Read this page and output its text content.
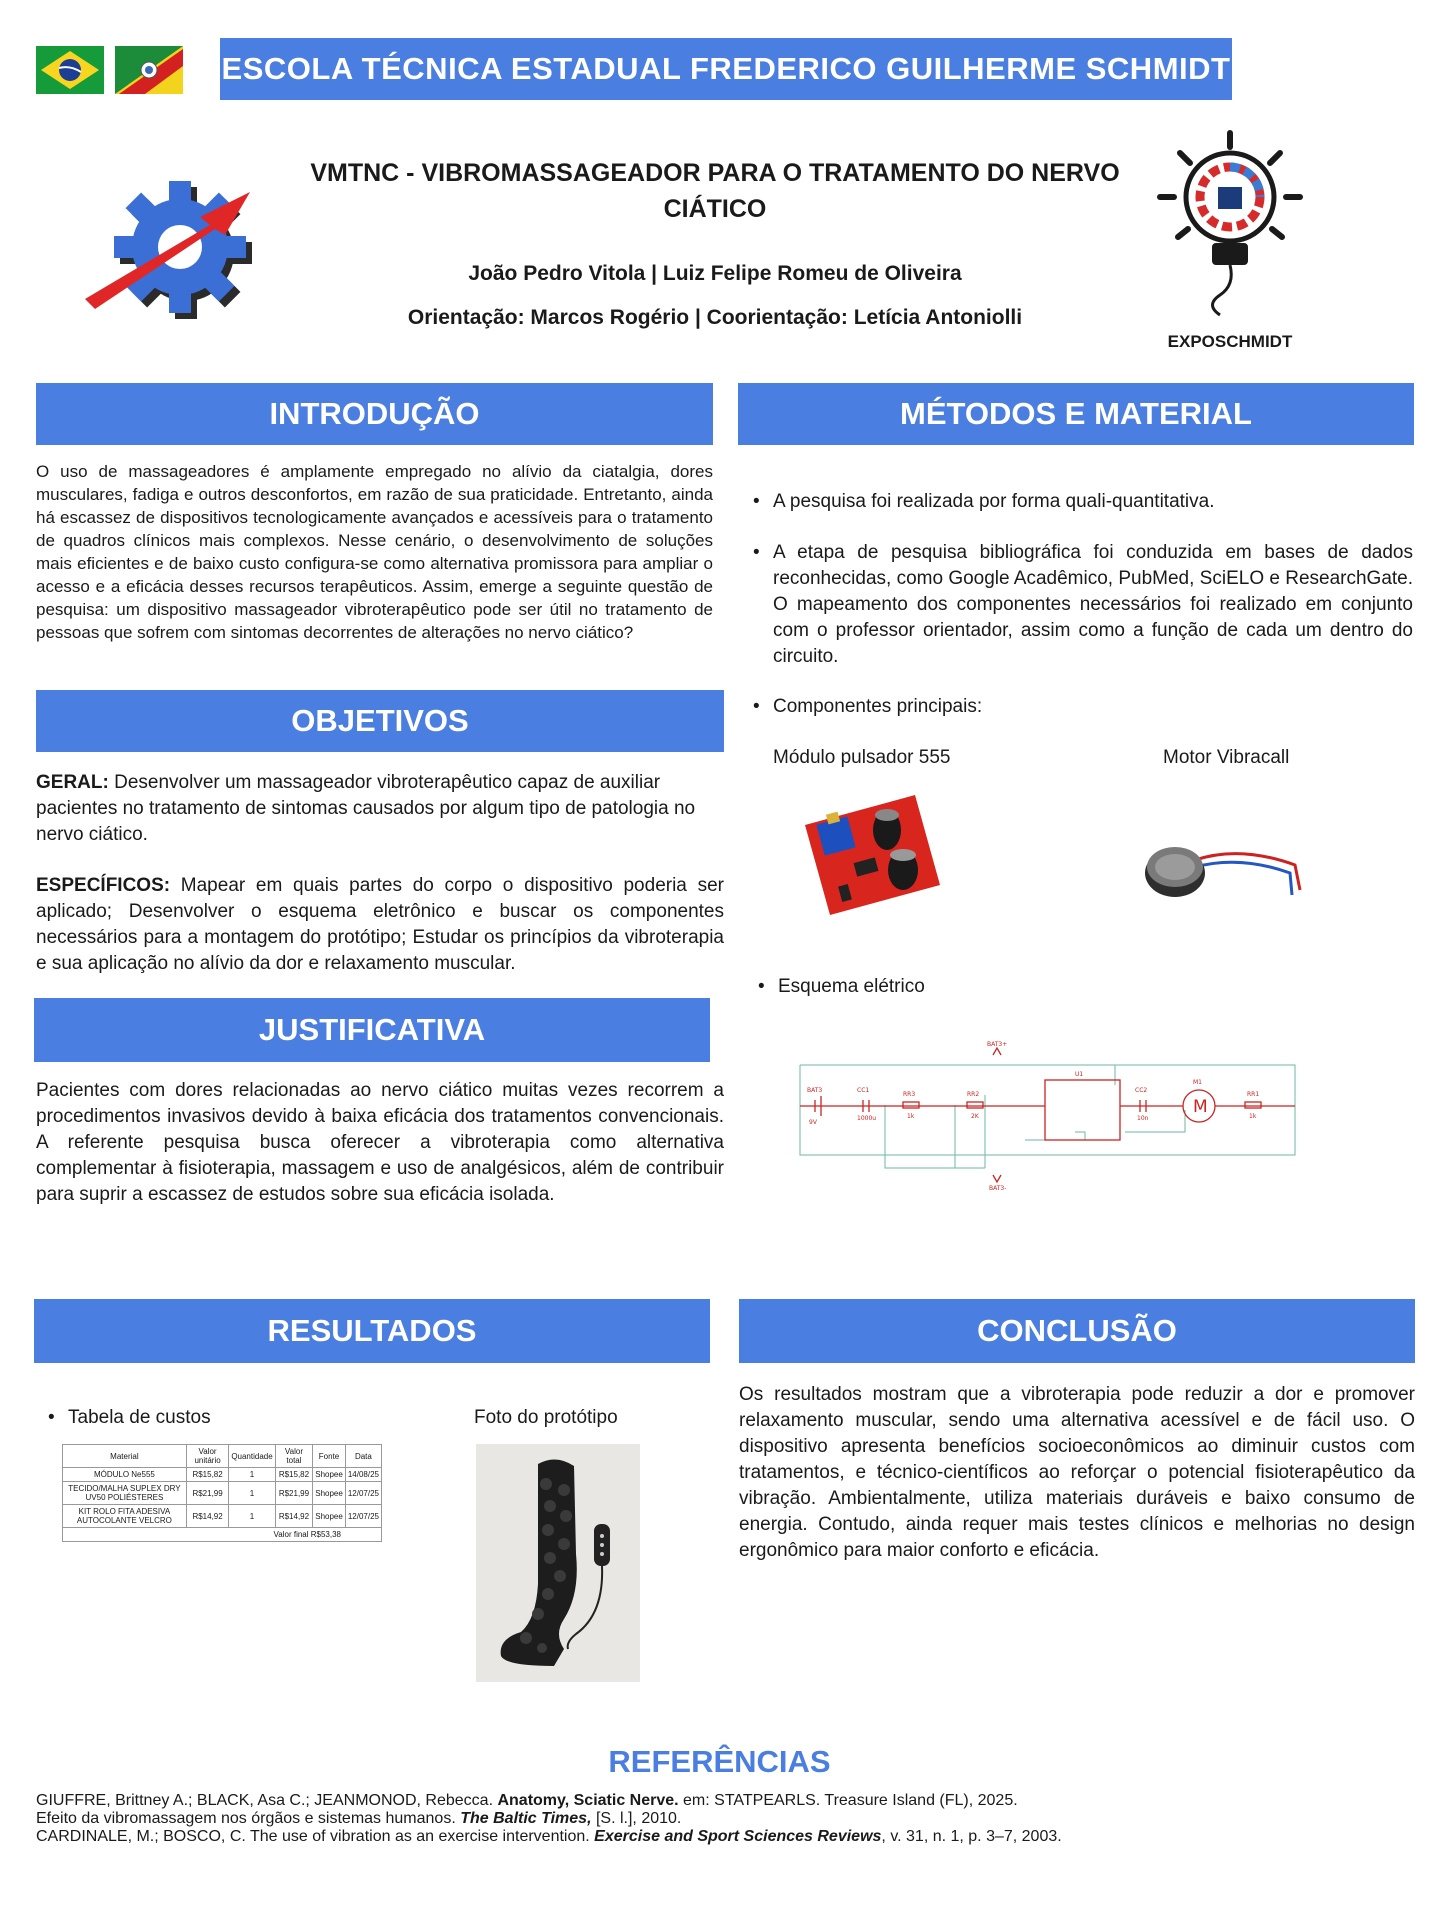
ESCOLA TÉCNICA ESTADUAL FREDERICO GUILHERME SCHMIDT
VMTNC - VIBROMASSAGEADOR PARA O TRATAMENTO DO NERVO CIÁTICO
João Pedro Vitola | Luiz Felipe Romeu de Oliveira
Orientação: Marcos Rogério | Coorientação: Letícia Antoniolli
EXPOSCHMIDT
INTRODUÇÃO
O uso de massageadores é amplamente empregado no alívio da ciatalgia, dores musculares, fadiga e outros desconfortos, em razão de sua praticidade. Entretanto, ainda há escassez de dispositivos tecnologicamente avançados e acessíveis para o tratamento de quadros clínicos mais complexos. Nesse cenário, o desenvolvimento de soluções mais eficientes e de baixo custo configura-se como alternativa promissora para ampliar o acesso e a eficácia desses recursos terapêuticos. Assim, emerge a seguinte questão de pesquisa: um dispositivo massageador vibroterapêutico pode ser útil no tratamento de pessoas que sofrem com sintomas decorrentes de alterações no nervo ciático?
OBJETIVOS
GERAL: Desenvolver um massageador vibroterapêutico capaz de auxiliar pacientes no tratamento de sintomas causados por algum tipo de patologia no nervo ciático.
ESPECÍFICOS: Mapear em quais partes do corpo o dispositivo poderia ser aplicado; Desenvolver o esquema eletrônico e buscar os componentes necessários para a montagem do protótipo; Estudar os princípios da vibroterapia e sua aplicação no alívio da dor e relaxamento muscular.
JUSTIFICATIVA
Pacientes com dores relacionadas ao nervo ciático muitas vezes recorrem a procedimentos invasivos devido à baixa eficácia dos tratamentos convencionais. A referente pesquisa busca oferecer a vibroterapia como alternativa complementar à fisioterapia, massagem e uso de analgésicos, além de contribuir para suprir a escassez de estudos sobre sua eficácia isolada.
MÉTODOS E MATERIAL
• A pesquisa foi realizada por forma quali-quantitativa.
• A etapa de pesquisa bibliográfica foi conduzida em bases de dados reconhecidas, como Google Acadêmico, PubMed, SciELO e ResearchGate. O mapeamento dos componentes necessários foi realizado em conjunto com o professor orientador, assim como a função de cada um dentro do circuito.
• Componentes principais:
Módulo pulsador 555	Motor Vibracall
• Esquema elétrico
BAT3+
BAT3-
BAT3
9V
CC1
1000u
RR3
1k
RR2
2K
U1
CC2
10n
M1
RR1
1k
M
RESULTADOS
• Tabela de custos	Foto do protótipo
Material	Valor unitário	Quantidade	Valor total	Fonte	Data
MÓDULO Ne555	R$15,82	1	R$15,82	Shopee	14/08/25
TECIDO/MALHA SUPLEX DRY UV50 POLIÉSTERES	R$21,99	1	R$21,99	Shopee	12/07/25
KIT ROLO FITA ADESIVA AUTOCOLANTE VELCRO	R$14,92	1	R$14,92	Shopee	12/07/25
Valor final R$53,38					
CONCLUSÃO
Os resultados mostram que a vibroterapia pode reduzir a dor e promover relaxamento muscular, sendo uma alternativa acessível e de fácil uso. O dispositivo apresenta benefícios socioeconômicos ao diminuir custos com tratamentos, e técnico-científicos ao reforçar o potencial fisioterapêutico da vibração. Ambientalmente, utiliza materiais duráveis e baixo consumo de energia. Contudo, ainda requer mais testes clínicos e melhorias no design ergonômico para maior conforto e eficácia.
REFERÊNCIAS
GIUFFRE, Brittney A.; BLACK, Asa C.; JEANMONOD, Rebecca. Anatomy, Sciatic Nerve. em: STATPEARLS. Treasure Island (FL), 2025.
Efeito da vibromassagem nos órgãos e sistemas humanos. The Baltic Times, [S. l.], 2010.
CARDINALE, M.; BOSCO, C. The use of vibration as an exercise intervention. Exercise and Sport Sciences Reviews, v. 31, n. 1, p. 3–7, 2003.
